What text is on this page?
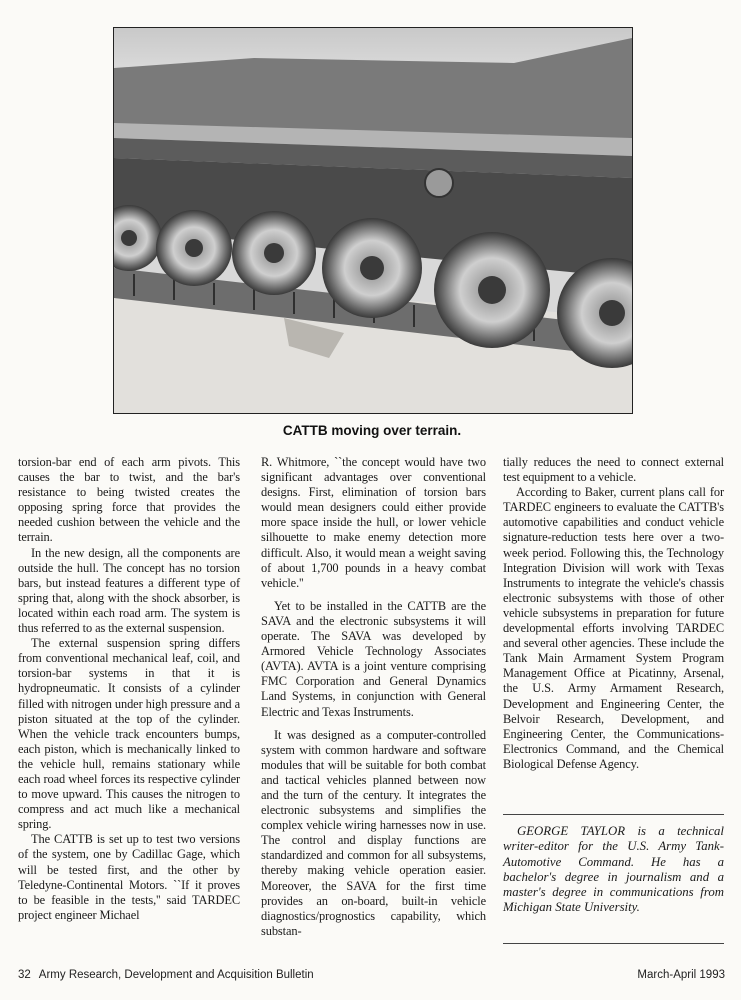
CATTB moving over terrain.

torsion-bar end of each arm pivots. This causes the bar to twist, and the bar's resistance to being twisted creates the opposing spring force that provides the needed cushion between the vehicle and the terrain.

In the new design, all the components are outside the hull. The concept has no torsion bars, but instead features a different type of spring that, along with the shock absorber, is located within each road arm. The system is thus referred to as the external suspension.

The external suspension spring differs from conventional mechanical leaf, coil, and torsion-bar systems in that it is hydropneumatic. It consists of a cylinder filled with nitrogen under high pressure and a piston situated at the top of the cylinder. When the vehicle track encounters bumps, each piston, which is mechanically linked to the vehicle hull, remains stationary while each road wheel forces its respective cylinder to move upward. This causes the nitrogen to compress and act much like a mechanical spring.

The CATTB is set up to test two versions of the system, one by Cadillac Gage, which will be tested first, and the other by Teledyne-Continental Motors. ``If it proves to be feasible in the tests,'' said TARDEC project engineer Michael

R. Whitmore, ``the concept would have two significant advantages over conventional designs. First, elimination of torsion bars would mean designers could either provide more space inside the hull, or lower vehicle silhouette to make enemy detection more difficult. Also, it would mean a weight saving of about 1,700 pounds in a heavy combat vehicle.''

Yet to be installed in the CATTB are the SAVA and the electronic subsystems it will operate. The SAVA was developed by Armored Vehicle Technology Associates (AVTA). AVTA is a joint venture comprising FMC Corporation and General Dynamics Land Systems, in conjunction with General Electric and Texas Instruments.

It was designed as a computer-controlled system with common hardware and software modules that will be suitable for both combat and tactical vehicles planned between now and the turn of the century. It integrates the electronic subsystems and simplifies the complex vehicle wiring harnesses now in use. The control and display functions are standardized and common for all subsystems, thereby making vehicle operation easier. Moreover, the SAVA for the first time provides an on-board, built-in vehicle diagnostics/prognostics capability, which substan-

tially reduces the need to connect external test equipment to a vehicle.

According to Baker, current plans call for TARDEC engineers to evaluate the CATTB's automotive capabilities and conduct vehicle signature-reduction tests here over a two-week period. Following this, the Technology Integration Division will work with Texas Instruments to integrate the vehicle's chassis electronic subsystems with those of other vehicle subsystems in preparation for future developmental efforts involving TARDEC and several other agencies. These include the Tank Main Armament System Program Management Office at Picatinny, Arsenal, the U.S. Army Armament Research, Development and Engineering Center, the Belvoir Research, Development, and Engineering Center, the Communications-Electronics Command, and the Chemical Biological Defense Agency.

GEORGE TAYLOR is a technical writer-editor for the U.S. Army Tank-Automotive Command. He has a bachelor's degree in journalism and a master's degree in communications from Michigan State University.

32 Army Research, Development and Acquisition Bulletin	March-April 1993
